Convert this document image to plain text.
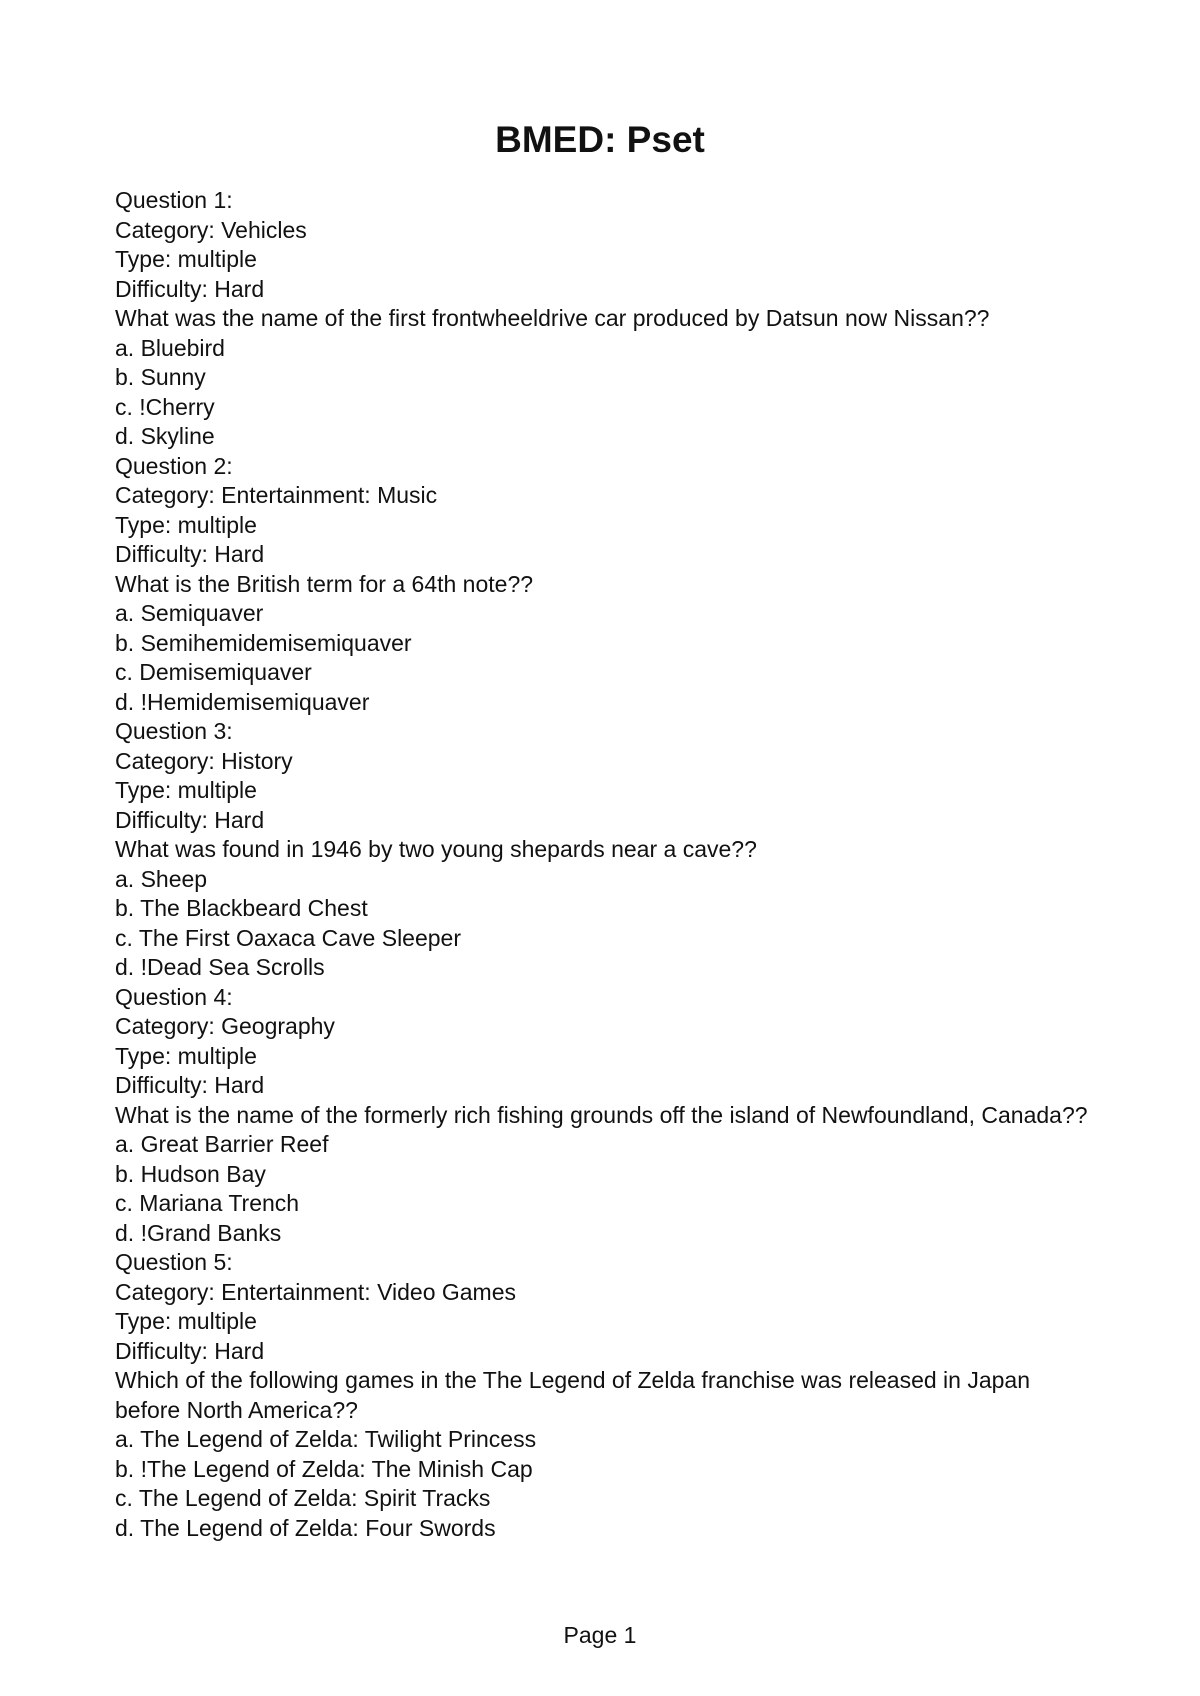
BMED: Pset
Question 1:
Category: Vehicles
Type: multiple
Difficulty: Hard
What was the name of the first frontwheeldrive car produced by Datsun now Nissan??
a. Bluebird
b. Sunny
c. !Cherry
d. Skyline
Question 2:
Category: Entertainment: Music
Type: multiple
Difficulty: Hard
What is the British term for a 64th note??
a. Semiquaver
b. Semihemidemisemiquaver
c. Demisemiquaver
d. !Hemidemisemiquaver
Question 3:
Category: History
Type: multiple
Difficulty: Hard
What was found in 1946 by two young shepards near a cave??
a. Sheep
b. The Blackbeard Chest
c. The First Oaxaca Cave Sleeper
d. !Dead Sea Scrolls
Question 4:
Category: Geography
Type: multiple
Difficulty: Hard
What is the name of the formerly rich fishing grounds off the island of Newfoundland, Canada??
a. Great Barrier Reef
b. Hudson Bay
c. Mariana Trench
d. !Grand Banks
Question 5:
Category: Entertainment: Video Games
Type: multiple
Difficulty: Hard
Which of the following games in the The Legend of Zelda franchise was released in Japan before North America??
a. The Legend of Zelda: Twilight Princess
b. !The Legend of Zelda: The Minish Cap
c. The Legend of Zelda: Spirit Tracks
d. The Legend of Zelda: Four Swords
Page 1
